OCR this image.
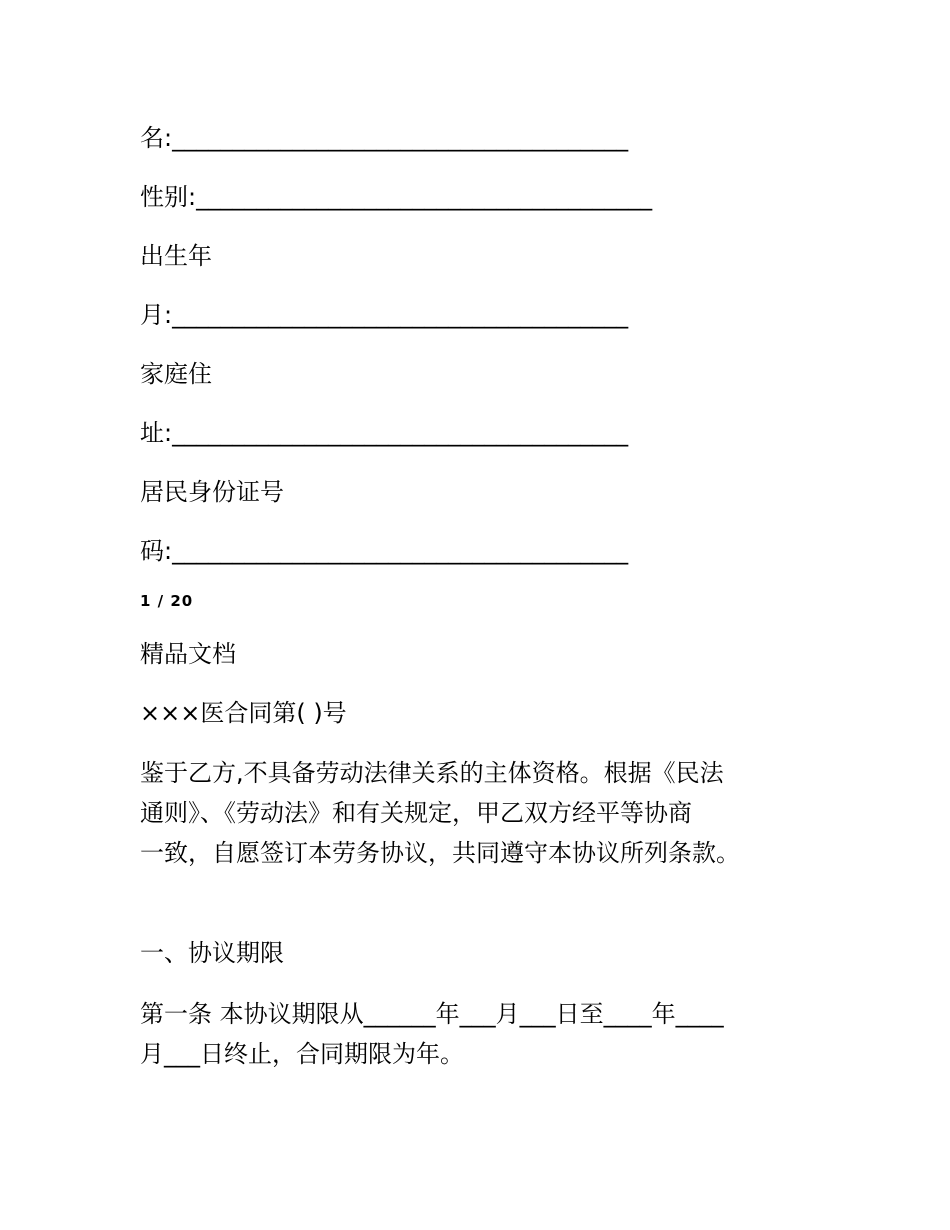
名:______________________________________
性别:______________________________________
出生年
月:______________________________________
家庭住
址:______________________________________
居民身份证号
码:______________________________________
1 / 20
精品文档
×××医合同第( )号
鉴于乙方,不具备劳动法律关系的主体资格。根据《民法
通则》、《劳动法》和有关规定，甲乙双方经平等协商
一致，自愿签订本劳务协议，共同遵守本协议所列条款。
一、协议期限
第一条 本协议期限从______年___月___日至____年____
月___日终止，合同期限为年。
